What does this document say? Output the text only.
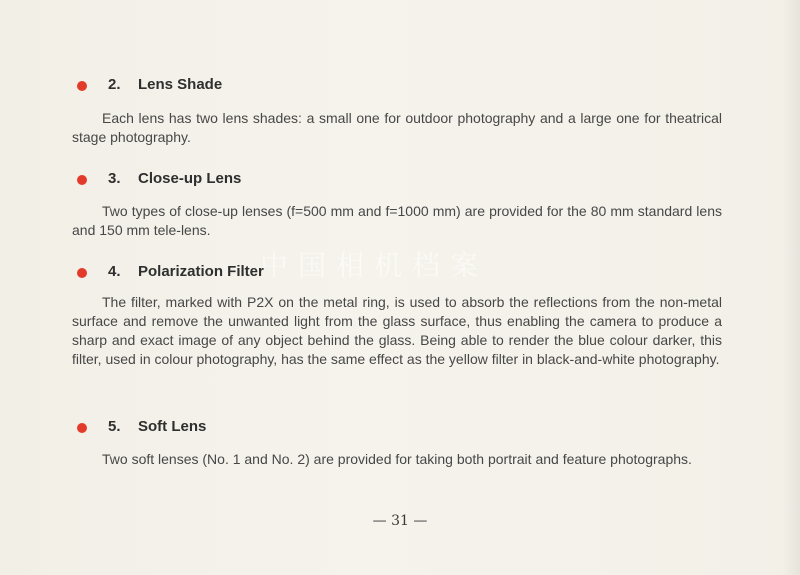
中国相机档案
2. Lens Shade

Each lens has two lens shades: a small one for outdoor photography and a large one for theatrical stage photography.

3. Close-up Lens

Two types of close-up lenses (f=500 mm and f=1000 mm) are provided for the 80 mm standard lens and 150 mm tele-lens.

4. Polarization Filter

The filter, marked with P2X on the metal ring, is used to absorb the reflections from the non-metal surface and remove the unwanted light from the glass surface, thus enabling the camera to produce a sharp and exact image of any object behind the glass. Being able to render the blue colour darker, this filter, used in colour photography, has the same effect as the yellow filter in black-and-white photography.

5. Soft Lens

Two soft lenses (No. 1 and No. 2) are provided for taking both portrait and feature photographs.

— 31 —
